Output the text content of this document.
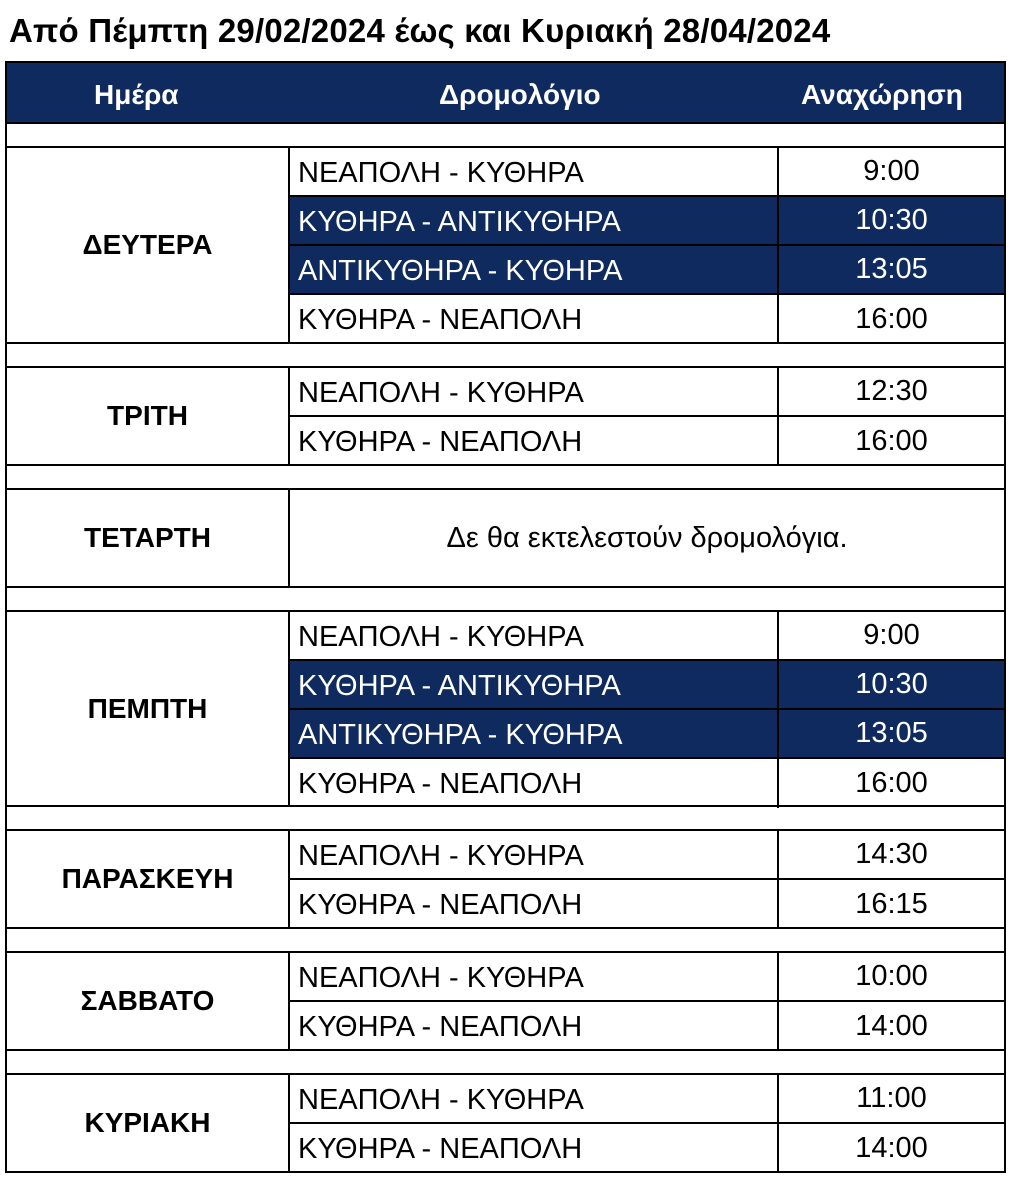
Από Πέμπτη 29/02/2024 έως και Κυριακή 28/04/2024
Ημέρα	Δρομολόγιο	Αναχώρηση
ΔΕΥΤΕΡΑ
ΝΕΑΠΟΛΗ - ΚΥΘΗΡΑ	9:00
ΚΥΘΗΡΑ - ΑΝΤΙΚΥΘΗΡΑ	10:30
ΑΝΤΙΚΥΘΗΡΑ - ΚΥΘΗΡΑ	13:05
ΚΥΘΗΡΑ - ΝΕΑΠΟΛΗ	16:00
ΤΡΙΤΗ
ΝΕΑΠΟΛΗ - ΚΥΘΗΡΑ	12:30
ΚΥΘΗΡΑ - ΝΕΑΠΟΛΗ	16:00
ΤΕΤΑΡΤΗ	Δε θα εκτελεστούν δρομολόγια.
ΠΕΜΠΤΗ
ΝΕΑΠΟΛΗ - ΚΥΘΗΡΑ	9:00
ΚΥΘΗΡΑ - ΑΝΤΙΚΥΘΗΡΑ	10:30
ΑΝΤΙΚΥΘΗΡΑ - ΚΥΘΗΡΑ	13:05
ΚΥΘΗΡΑ - ΝΕΑΠΟΛΗ	16:00
ΠΑΡΑΣΚΕΥΗ
ΝΕΑΠΟΛΗ - ΚΥΘΗΡΑ	14:30
ΚΥΘΗΡΑ - ΝΕΑΠΟΛΗ	16:15
ΣΑΒΒΑΤΟ
ΝΕΑΠΟΛΗ - ΚΥΘΗΡΑ	10:00
ΚΥΘΗΡΑ - ΝΕΑΠΟΛΗ	14:00
ΚΥΡΙΑΚΗ
ΝΕΑΠΟΛΗ - ΚΥΘΗΡΑ	11:00
ΚΥΘΗΡΑ - ΝΕΑΠΟΛΗ	14:00
